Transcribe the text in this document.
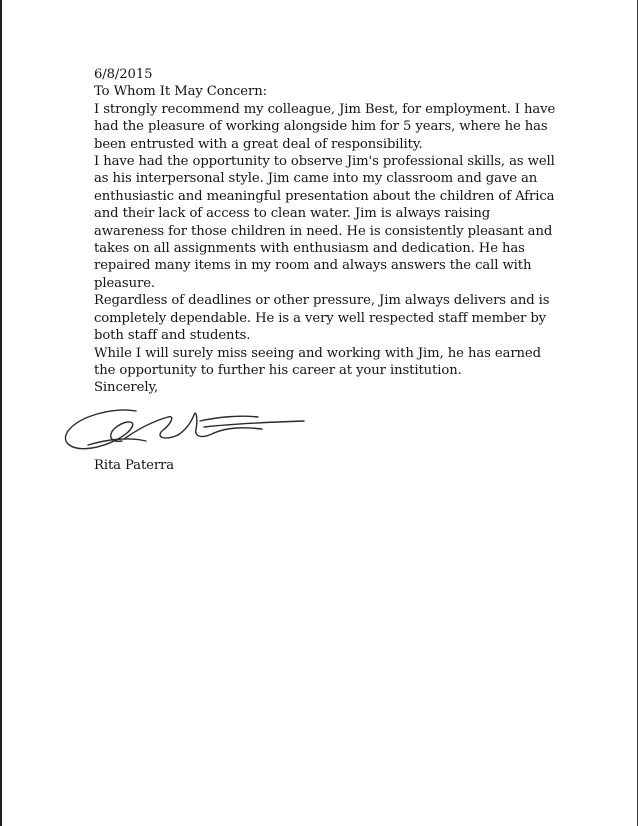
6/8/2015

To Whom It May Concern:

I strongly recommend my colleague, Jim Best, for employment. I have had the pleasure of working alongside him for 5 years, where he has been entrusted with a great deal of responsibility.

I have had the opportunity to observe Jim's professional skills, as well as his interpersonal style. Jim came into my classroom and gave an enthusiastic and meaningful presentation about the children of Africa and their lack of access to clean water. Jim is always raising awareness for those children in need. He is consistently pleasant and takes on all assignments with enthusiasm and dedication. He has repaired many items in my room and always answers the call with pleasure.

Regardless of deadlines or other pressure, Jim always delivers and is completely dependable. He is a very well respected staff member by both staff and students.

While I will surely miss seeing and working with Jim, he has earned the opportunity to further his career at your institution.

Sincerely,

Rita Paterra
